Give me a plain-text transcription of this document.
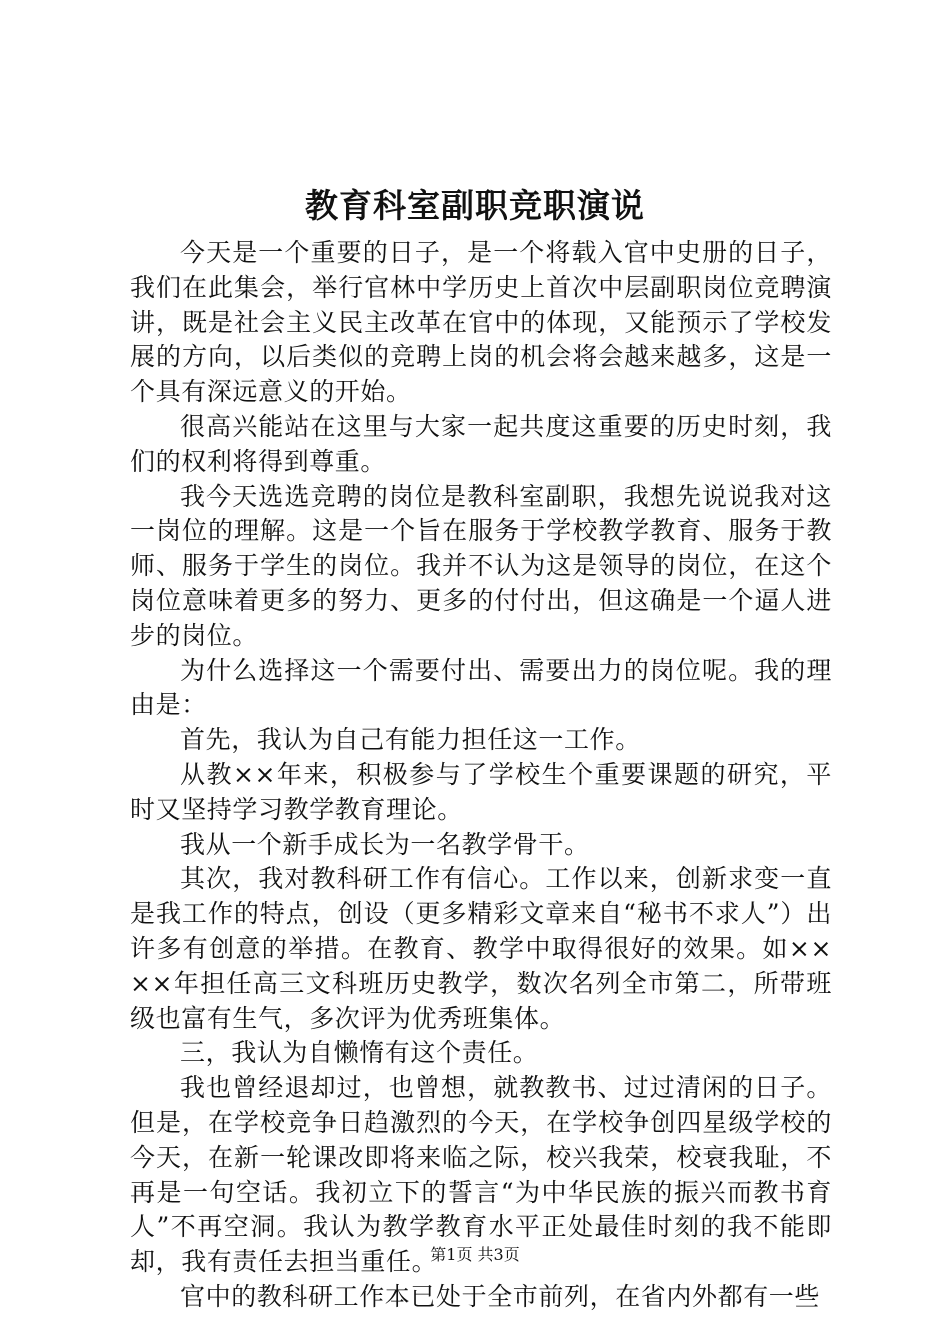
教育科室副职竞职演说

今天是一个重要的日子，是一个将载入官中史册的日子，我们在此集会，举行官林中学历史上首次中层副职岗位竞聘演讲，既是社会主义民主改革在官中的体现，又能预示了学校发展的方向，以后类似的竞聘上岗的机会将会越来越多，这是一个具有深远意义的开始。

很高兴能站在这里与大家一起共度这重要的历史时刻，我们的权利将得到尊重。

我今天选选竞聘的岗位是教科室副职，我想先说说我对这一岗位的理解。这是一个旨在服务于学校教学教育、服务于教师、服务于学生的岗位。我并不认为这是领导的岗位，在这个岗位意味着更多的努力、更多的付付出，但这确是一个逼人进步的岗位。

为什么选择这一个需要付出、需要出力的岗位呢。我的理由是：

首先，我认为自己有能力担任这一工作。

从教××年来，积极参与了学校生个重要课题的研究，平时又坚持学习教学教育理论。

我从一个新手成长为一名教学骨干。

其次，我对教科研工作有信心。工作以来，创新求变一直是我工作的特点，创设（更多精彩文章来自“秘书不求人”）出许多有创意的举措。在教育、教学中取得很好的效果。如××××年担任高三文科班历史教学，数次名列全市第二，所带班级也富有生气，多次评为优秀班集体。

三，我认为自懒惰有这个责任。

我也曾经退却过，也曾想，就教教书、过过清闲的日子。但是，在学校竞争日趋激烈的今天，在学校争创四星级学校的今天，在新一轮课改即将来临之际，校兴我荣，校衰我耻，不再是一句空话。我初立下的誓言“为中华民族的振兴而教书育人”不再空洞。我认为教学教育水平正处最佳时刻的我不能即却，我有责任去担当重任。

官中的教科研工作本已处于全市前列，在省内外都有一些

第1页 共3页
